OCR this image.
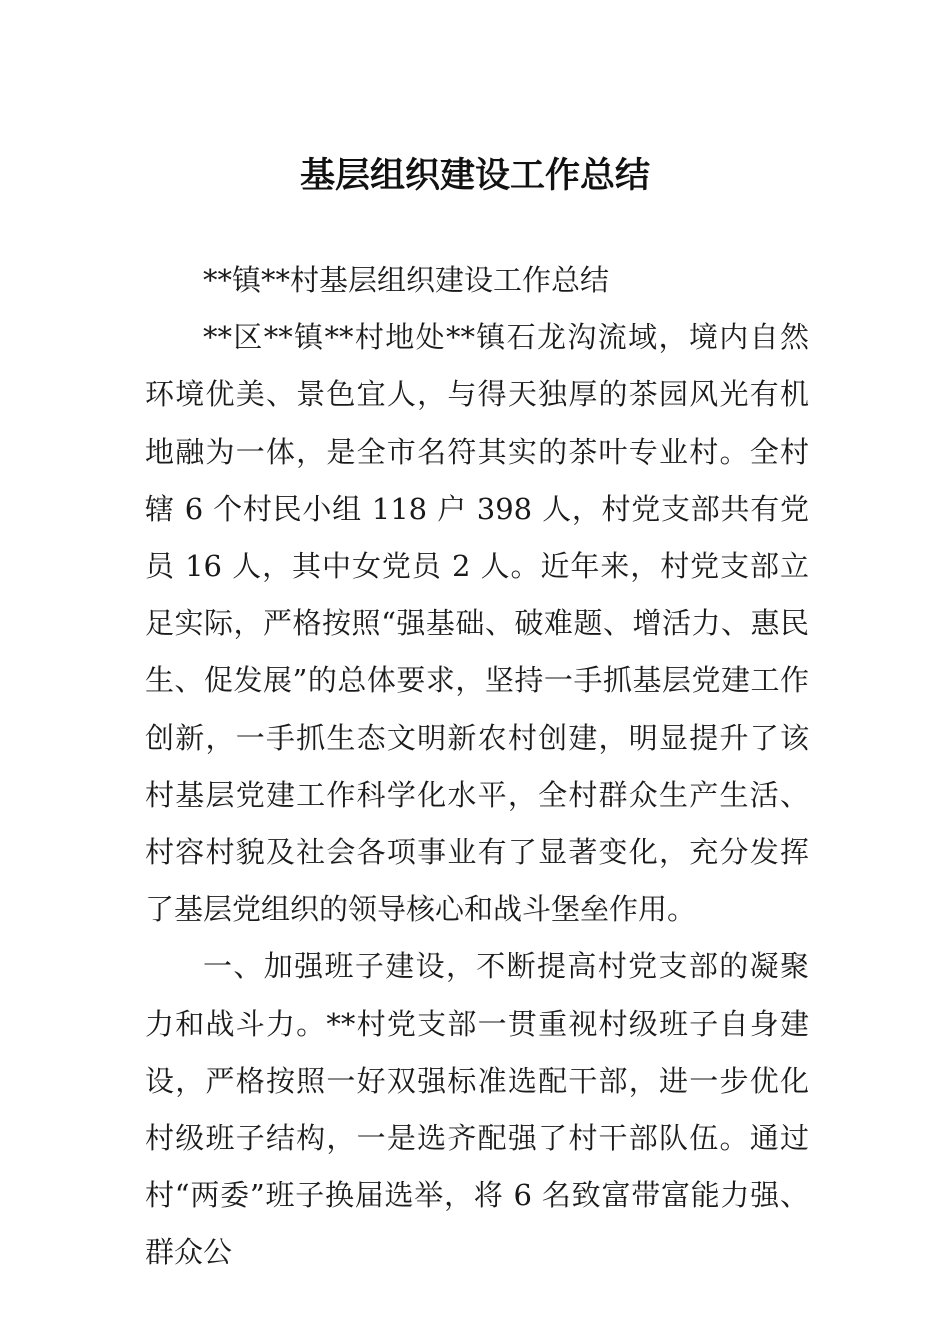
基层组织建设工作总结

**镇**村基层组织建设工作总结

**区**镇**村地处**镇石龙沟流域，境内自然环境优美、景色宜人，与得天独厚的茶园风光有机地融为一体，是全市名符其实的茶叶专业村。全村辖 6 个村民小组 118 户 398 人，村党支部共有党员 16 人，其中女党员 2 人。近年来，村党支部立足实际，严格按照“强基础、破难题、增活力、惠民生、促发展”的总体要求，坚持一手抓基层党建工作创新，一手抓生态文明新农村创建，明显提升了该村基层党建工作科学化水平，全村群众生产生活、村容村貌及社会各项事业有了显著变化，充分发挥了基层党组织的领导核心和战斗堡垒作用。

一、加强班子建设，不断提高村党支部的凝聚力和战斗力。**村党支部一贯重视村级班子自身建设，严格按照一好双强标准选配干部，进一步优化村级班子结构，一是选齐配强了村干部队伍。通过村“两委”班子换届选举，将 6 名致富带富能力强、群众公
